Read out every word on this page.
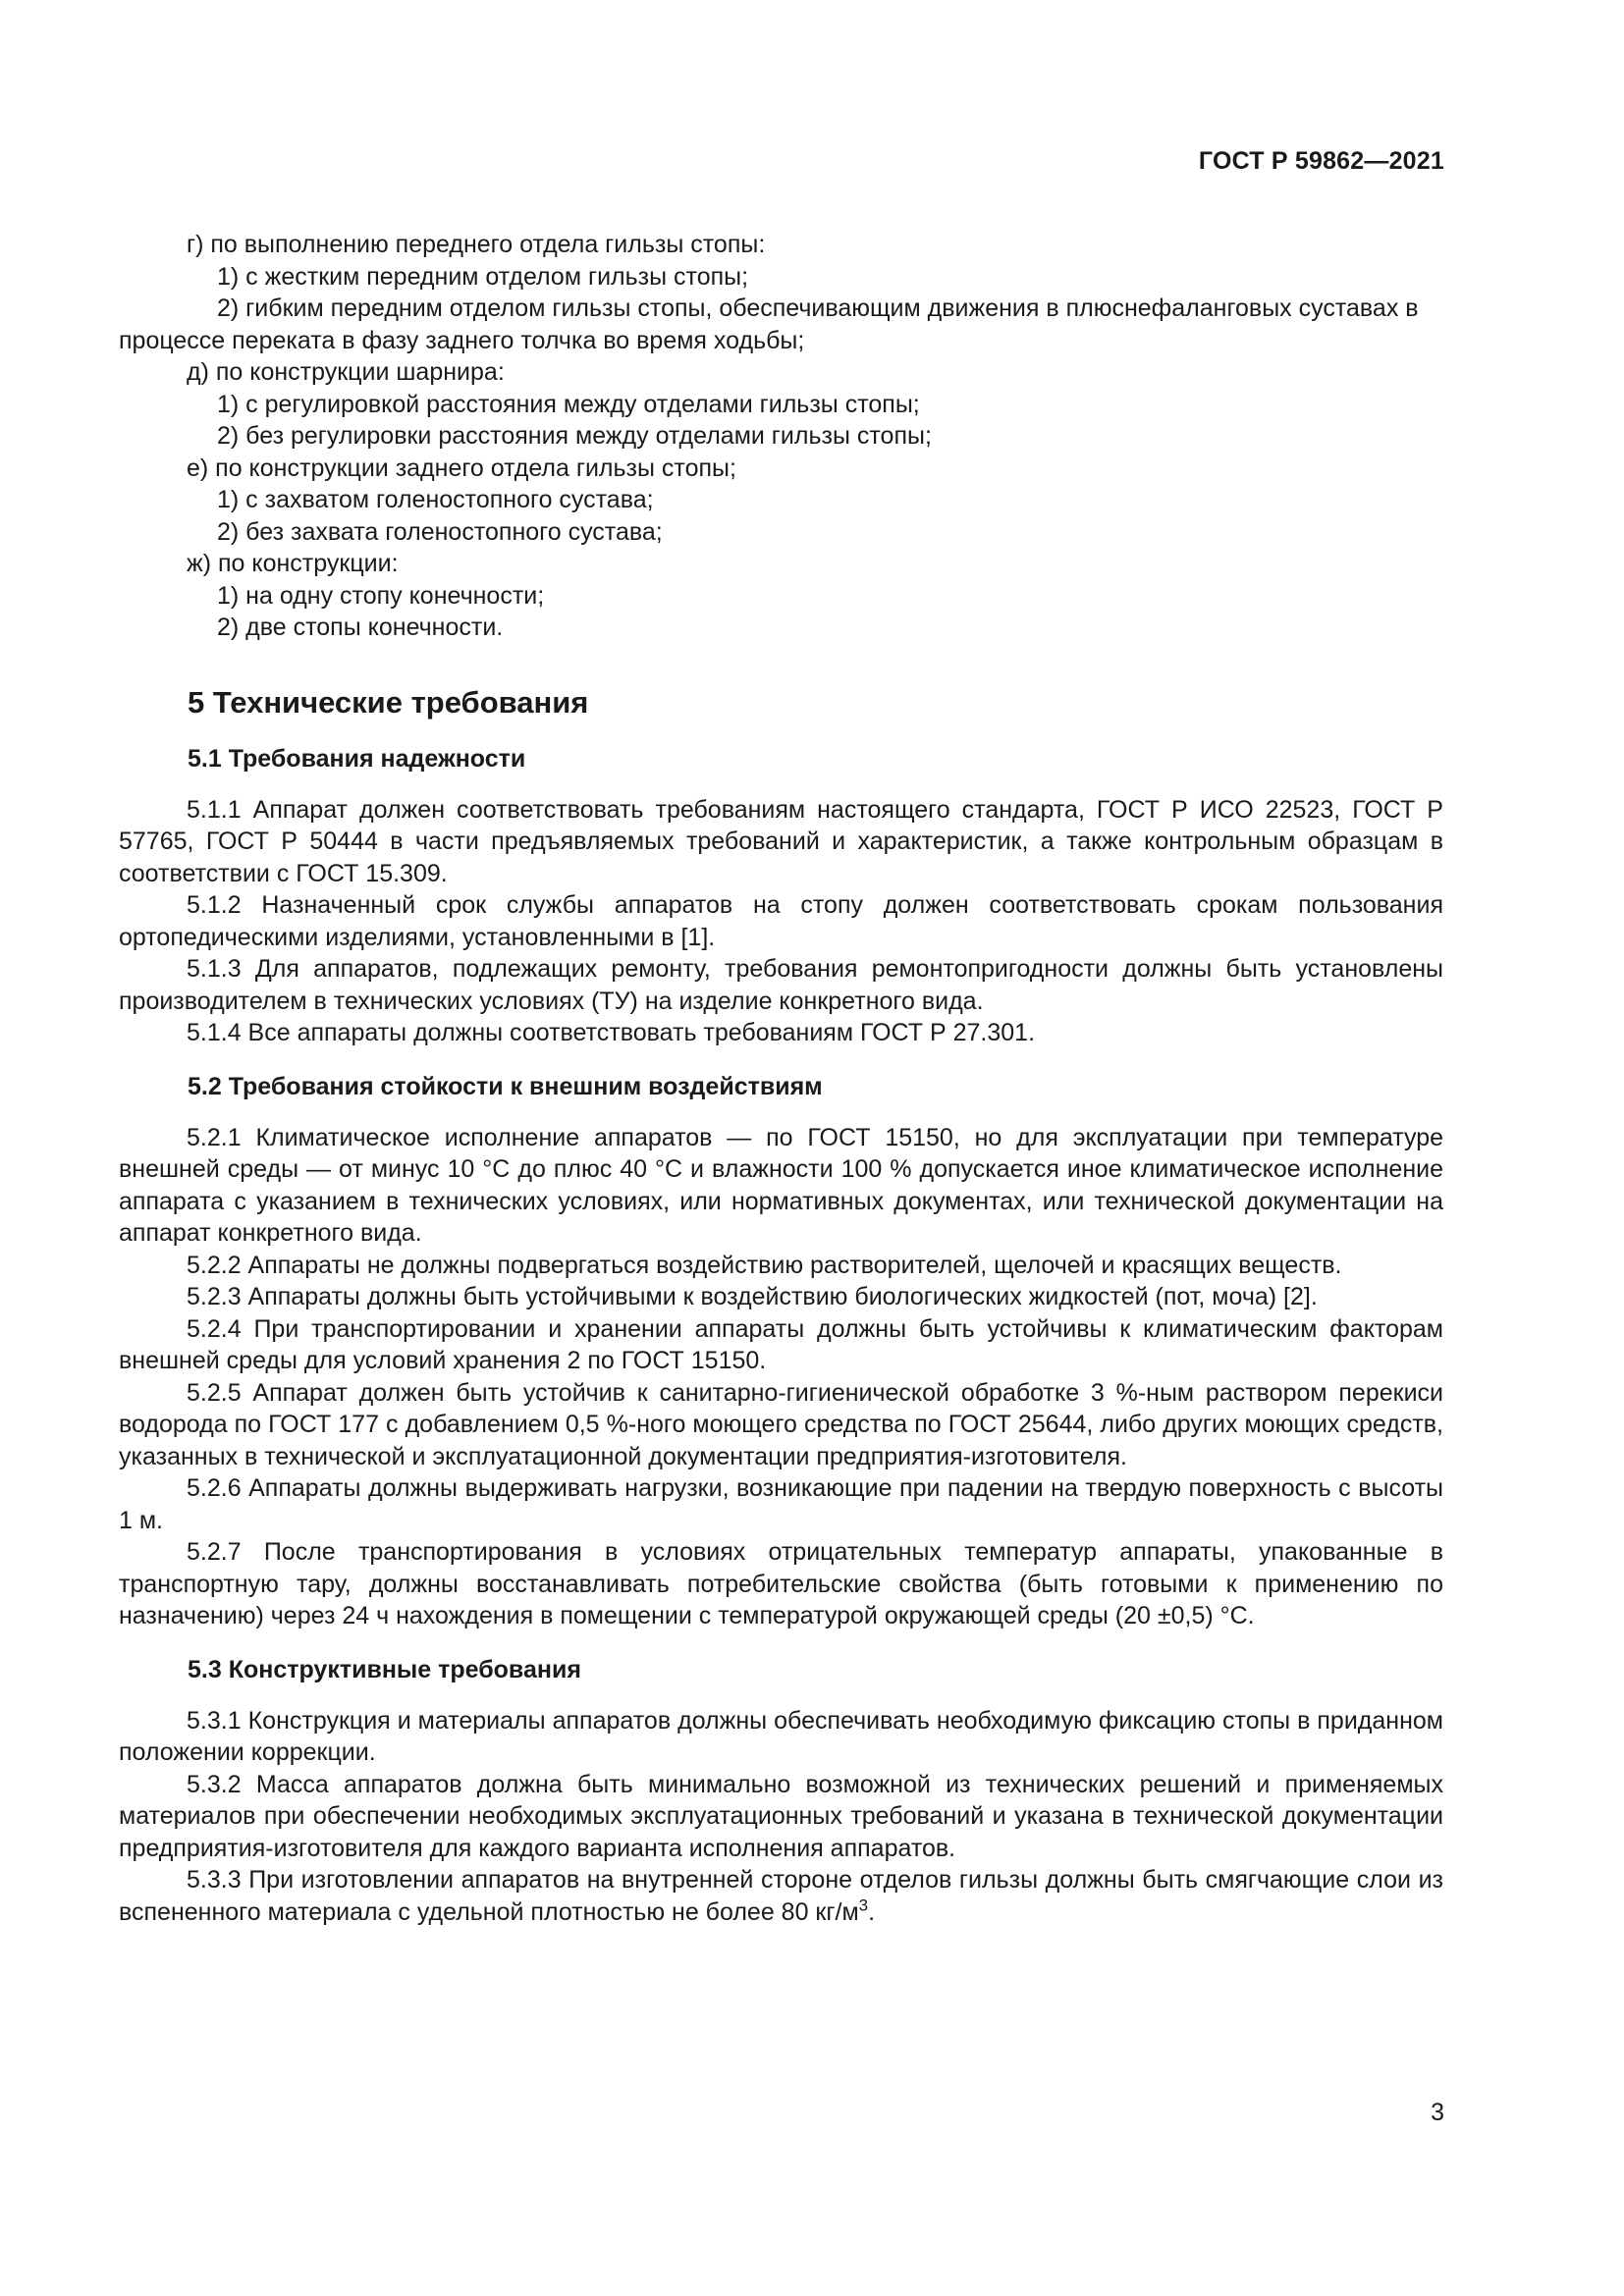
ГОСТ Р 59862—2021

г) по выполнению переднего отдела гильзы стопы:

1) с жестким передним отделом гильзы стопы;

2) гибким передним отделом гильзы стопы, обеспечивающим движения в плюснефаланговых суставах в процессе переката в фазу заднего толчка во время ходьбы;

д) по конструкции шарнира:

1) с регулировкой расстояния между отделами гильзы стопы;

2) без регулировки расстояния между отделами гильзы стопы;

е) по конструкции заднего отдела гильзы стопы;

1) с захватом голеностопного сустава;

2) без захвата голеностопного сустава;

ж) по конструкции:

1) на одну стопу конечности;

2) две стопы конечности.

5 Технические требования
5.1 Требования надежности

5.1.1 Аппарат должен соответствовать требованиям настоящего стандарта, ГОСТ Р ИСО 22523, ГОСТ Р 57765, ГОСТ Р 50444 в части предъявляемых требований и характеристик, а также контрольным образцам в соответствии с ГОСТ 15.309.

5.1.2 Назначенный срок службы аппаратов на стопу должен соответствовать срокам пользования ортопедическими изделиями, установленными в [1].

5.1.3 Для аппаратов, подлежащих ремонту, требования ремонтопригодности должны быть установлены производителем в технических условиях (ТУ) на изделие конкретного вида.

5.1.4 Все аппараты должны соответствовать требованиям ГОСТ Р 27.301.

5.2 Требования стойкости к внешним воздействиям

5.2.1 Климатическое исполнение аппаратов — по ГОСТ 15150, но для эксплуатации при температуре внешней среды — от минус 10 °С до плюс 40 °С и влажности 100 % допускается иное климатическое исполнение аппарата с указанием в технических условиях, или нормативных документах, или технической документации на аппарат конкретного вида.

5.2.2 Аппараты не должны подвергаться воздействию растворителей, щелочей и красящих веществ.

5.2.3 Аппараты должны быть устойчивыми к воздействию биологических жидкостей (пот, моча) [2].

5.2.4 При транспортировании и хранении аппараты должны быть устойчивы к климатическим факторам внешней среды для условий хранения 2 по ГОСТ 15150.

5.2.5 Аппарат должен быть устойчив к санитарно-гигиенической обработке 3 %-ным раствором перекиси водорода по ГОСТ 177 с добавлением 0,5 %-ного моющего средства по ГОСТ 25644, либо других моющих средств, указанных в технической и эксплуатационной документации предприятия-изготовителя.

5.2.6 Аппараты должны выдерживать нагрузки, возникающие при падении на твердую поверхность с высоты 1 м.

5.2.7 После транспортирования в условиях отрицательных температур аппараты, упакованные в транспортную тару, должны восстанавливать потребительские свойства (быть готовыми к применению по назначению) через 24 ч нахождения в помещении с температурой окружающей среды (20 ±0,5) °С.

5.3 Конструктивные требования

5.3.1 Конструкция и материалы аппаратов должны обеспечивать необходимую фиксацию стопы в приданном положении коррекции.

5.3.2 Масса аппаратов должна быть минимально возможной из технических решений и применяемых материалов при обеспечении необходимых эксплуатационных требований и указана в технической документации предприятия-изготовителя для каждого варианта исполнения аппаратов.

5.3.3 При изготовлении аппаратов на внутренней стороне отделов гильзы должны быть смягчающие слои из вспененного материала с удельной плотностью не более 80 $кг/м^3$.

3
